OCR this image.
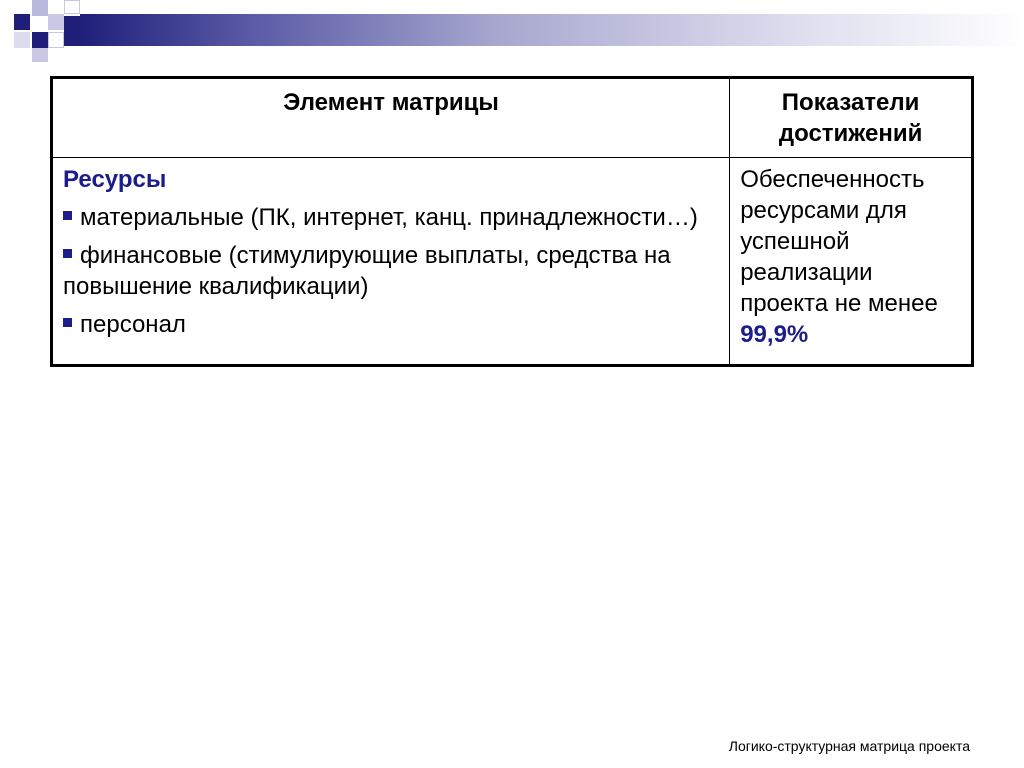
Элемент матрицы	Показатели достижений

Ресурсы
материальные (ПК, интернет, канц. принадлежности…)
финансовые (стимулирующие выплаты, средства на повышение квалификации)
персонал	Обеспеченность ресурсами для успешной реализации проекта не менее 99,9%
Логико-структурная матрица проекта
